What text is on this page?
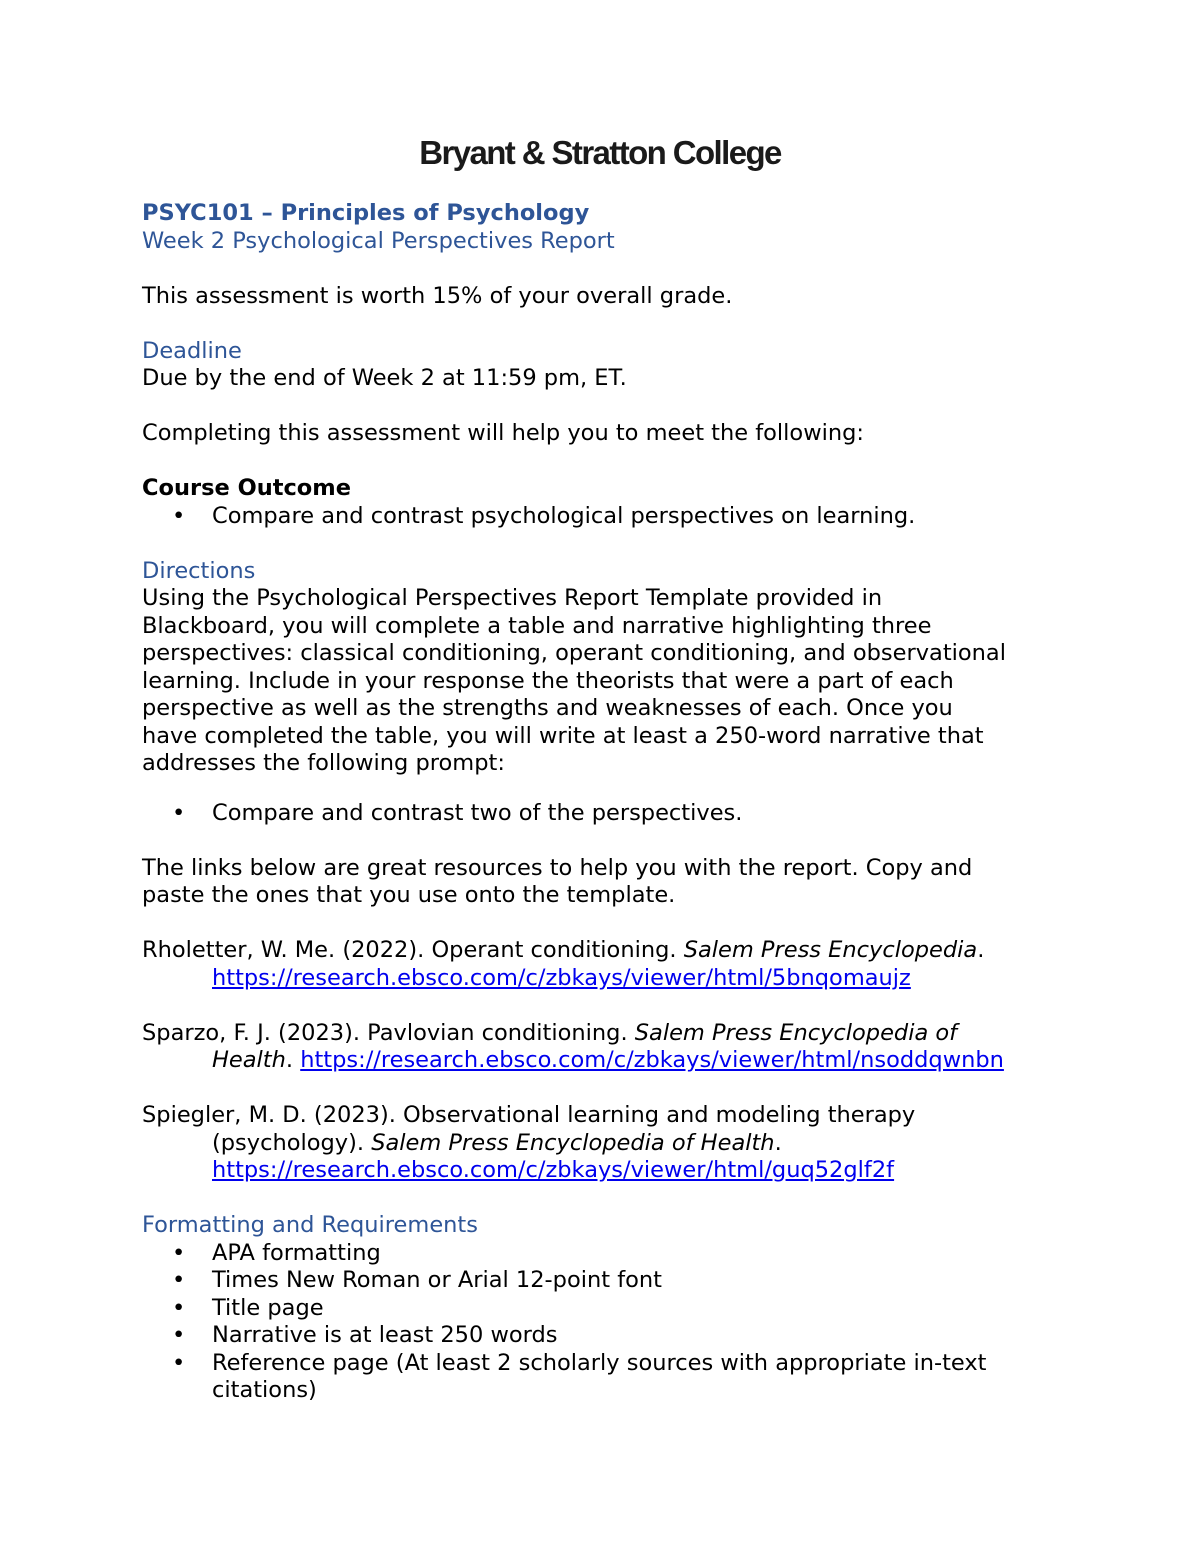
Bryant & Stratton College

PSYC101 – Principles of Psychology

Week 2 Psychological Perspectives Report

This assessment is worth 15% of your overall grade.

Deadline

Due by the end of Week 2 at 11:59 pm, ET.

Completing this assessment will help you to meet the following:

Course Outcome

• Compare and contrast psychological perspectives on learning.

Directions

Using the Psychological Perspectives Report Template provided in

Blackboard, you will complete a table and narrative highlighting three

perspectives: classical conditioning, operant conditioning, and observational

learning. Include in your response the theorists that were a part of each

perspective as well as the strengths and weaknesses of each. Once you

have completed the table, you will write at least a 250-word narrative that

addresses the following prompt:

• Compare and contrast two of the perspectives.

The links below are great resources to help you with the report. Copy and

paste the ones that you use onto the template.

Rholetter, W. Me. (2022). Operant conditioning. Salem Press Encyclopedia.
https://research.ebsco.com/c/zbkays/viewer/html/5bnqomaujz
Sparzo, F. J. (2023). Pavlovian conditioning. Salem Press Encyclopedia of
Health. https://research.ebsco.com/c/zbkays/viewer/html/nsoddqwnbn
Spiegler, M. D. (2023). Observational learning and modeling therapy
(psychology). Salem Press Encyclopedia of Health.
https://research.ebsco.com/c/zbkays/viewer/html/guq52glf2f

Formatting and Requirements

• APA formatting
• Times New Roman or Arial 12-point font
• Title page
• Narrative is at least 250 words
• Reference page (At least 2 scholarly sources with appropriate in-text citations)
